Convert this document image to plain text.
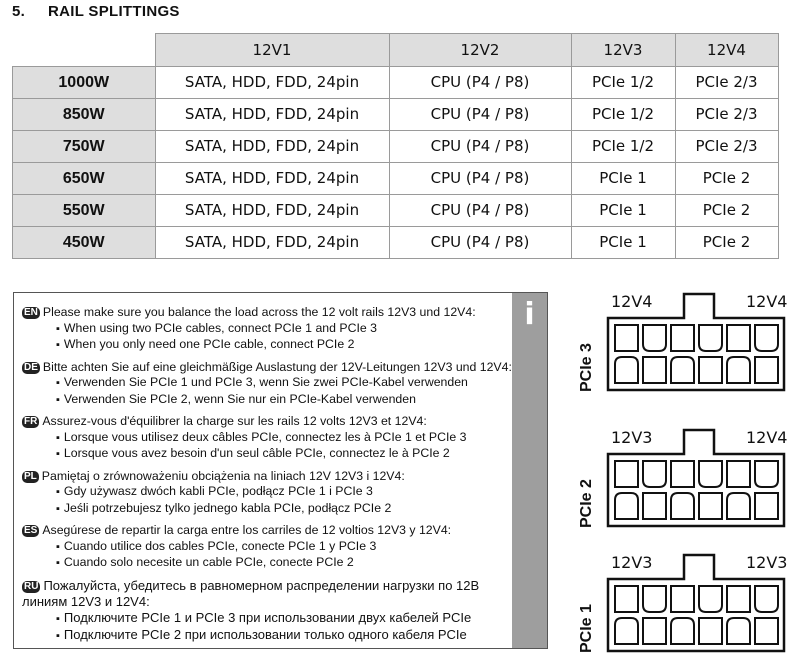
5. RAIL SPLITTINGS
	12V1	12V2	12V3	12V4
1000W	SATA, HDD, FDD, 24pin	CPU (P4 / P8)	PCIe 1/2	PCIe 2/3
850W	SATA, HDD, FDD, 24pin	CPU (P4 / P8)	PCIe 1/2	PCIe 2/3
750W	SATA, HDD, FDD, 24pin	CPU (P4 / P8)	PCIe 1/2	PCIe 2/3
650W	SATA, HDD, FDD, 24pin	CPU (P4 / P8)	PCIe 1	PCIe 2
550W	SATA, HDD, FDD, 24pin	CPU (P4 / P8)	PCIe 1	PCIe 2
450W	SATA, HDD, FDD, 24pin	CPU (P4 / P8)	PCIe 1	PCIe 2
EN Please make sure you balance the load across the 12 volt rails 12V3 und 12V4:
▪ When using two PCIe cables, connect PCIe 1 and PCIe 3
▪ When you only need one PCIe cable, connect PCIe 2
DE Bitte achten Sie auf eine gleichmäßige Auslastung der 12V-Leitungen 12V3 und 12V4:
▪ Verwenden Sie PCIe 1 und PCIe 3, wenn Sie zwei PCIe-Kabel verwenden
▪ Verwenden Sie PCIe 2, wenn Sie nur ein PCIe-Kabel verwenden
FR Assurez-vous d'équilibrer la charge sur les rails 12 volts 12V3 et 12V4:
▪ Lorsque vous utilisez deux câbles PCIe, connectez les à PCIe 1 et PCIe 3
▪ Lorsque vous avez besoin d'un seul câble PCIe, connectez le à PCIe 2
PL Pamiętaj o zrównoważeniu obciążenia na liniach 12V 12V3 i 12V4:
▪ Gdy używasz dwóch kabli PCIe, podłącz PCIe 1 i PCIe 3
▪ Jeśli potrzebujesz tylko jednego kabla PCIe, podłącz PCIe 2
ES Asegúrese de repartir la carga entre los carriles de 12 voltios 12V3 y 12V4:
▪ Cuando utilice dos cables PCIe, conecte PCIe 1 y PCIe 3
▪ Cuando solo necesite un cable PCIe, conecte PCIe 2
RU Пожалуйста, убедитесь в равномерном распределении нагрузки по 12В линиям 12V3 и 12V4:
▪ Подключите PCIe 1 и PCIe 3 при использовании двух кабелей PCIe
▪ Подключите PCIe 2 при использовании только одного кабеля PCIe
i	12V4	12V4
PCIe 3
12V3	12V4
PCIe 2
12V3	12V3
PCIe 1
